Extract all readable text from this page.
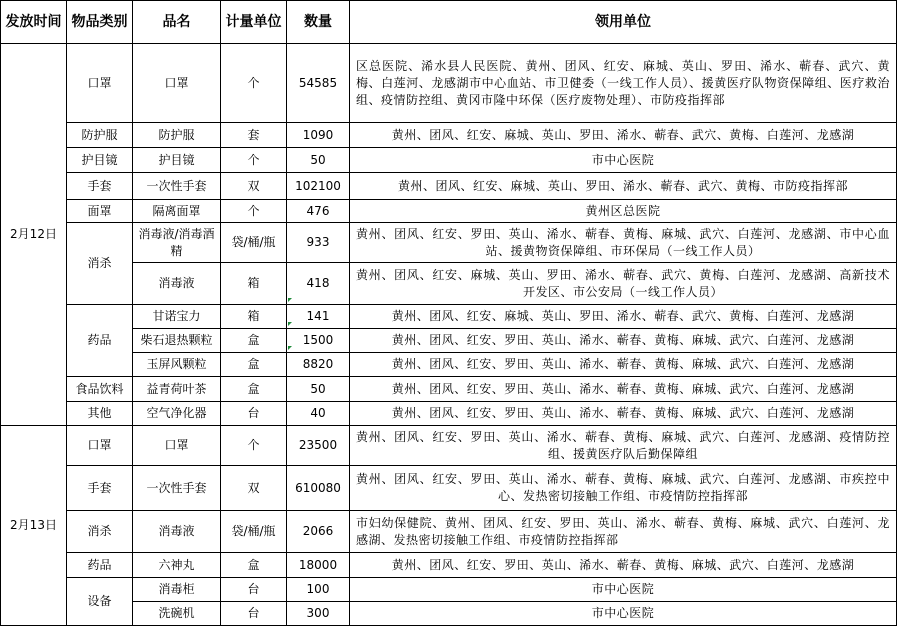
发放时间	物品类别	品名	计量单位	数量	领用单位
2月12日	口罩	口罩	个	54585	区总医院、浠水县人民医院、黄州、团风、红安、麻城、英山、罗田、浠水、蕲春、武穴、黄梅、白莲河、龙感湖市中心血站、市卫健委（一线工作人员）、援黄医疗队物资保障组、医疗救治组、疫情防控组、黄冈市隆中环保（医疗废物处理）、市防疫指挥部
	防护服	防护服	套	1090	黄州、团风、红安、麻城、英山、罗田、浠水、蕲春、武穴、黄梅、白莲河、龙感湖
	护目镜	护目镜	个	50	市中心医院
	手套	一次性手套	双	102100	黄州、团风、红安、麻城、英山、罗田、浠水、蕲春、武穴、黄梅、市防疫指挥部
	面罩	隔离面罩	个	476	黄州区总医院
	消杀	消毒液/消毒酒精	袋/桶/瓶	933	黄州、团风、红安、罗田、英山、浠水、蕲春、黄梅、麻城、武穴、白莲河、龙感湖、市中心血站、援黄物资保障组、市环保局（一线工作人员）
		消毒液	箱	418	黄州、团风、红安、麻城、英山、罗田、浠水、蕲春、武穴、黄梅、白莲河、龙感湖、高新技术开发区、市公安局（一线工作人员）
	药品	甘诺宝力	箱	141	黄州、团风、红安、麻城、英山、罗田、浠水、蕲春、武穴、黄梅、白莲河、龙感湖
		柴石退热颗粒	盒	1500	黄州、团风、红安、罗田、英山、浠水、蕲春、黄梅、麻城、武穴、白莲河、龙感湖
		玉屏风颗粒	盒	8820	黄州、团风、红安、罗田、英山、浠水、蕲春、黄梅、麻城、武穴、白莲河、龙感湖
	食品饮料	益青荷叶茶	盒	50	黄州、团风、红安、罗田、英山、浠水、蕲春、黄梅、麻城、武穴、白莲河、龙感湖
	其他	空气净化器	台	40	黄州、团风、红安、罗田、英山、浠水、蕲春、黄梅、麻城、武穴、白莲河、龙感湖
2月13日	口罩	口罩	个	23500	黄州、团风、红安、罗田、英山、浠水、蕲春、黄梅、麻城、武穴、白莲河、龙感湖、疫情防控组、援黄医疗队后勤保障组
	手套	一次性手套	双	610080	黄州、团风、红安、罗田、英山、浠水、蕲春、黄梅、麻城、武穴、白莲河、龙感湖、市疾控中心、发热密切接触工作组、市疫情防控指挥部
	消杀	消毒液	袋/桶/瓶	2066	市妇幼保健院、黄州、团风、红安、罗田、英山、浠水、蕲春、黄梅、麻城、武穴、白莲河、龙感湖、发热密切接触工作组、市疫情防控指挥部
	药品	六神丸	盒	18000	黄州、团风、红安、罗田、英山、浠水、蕲春、黄梅、麻城、武穴、白莲河、龙感湖
	设备	消毒柜	台	100	市中心医院
		洗碗机	台	300	市中心医院
